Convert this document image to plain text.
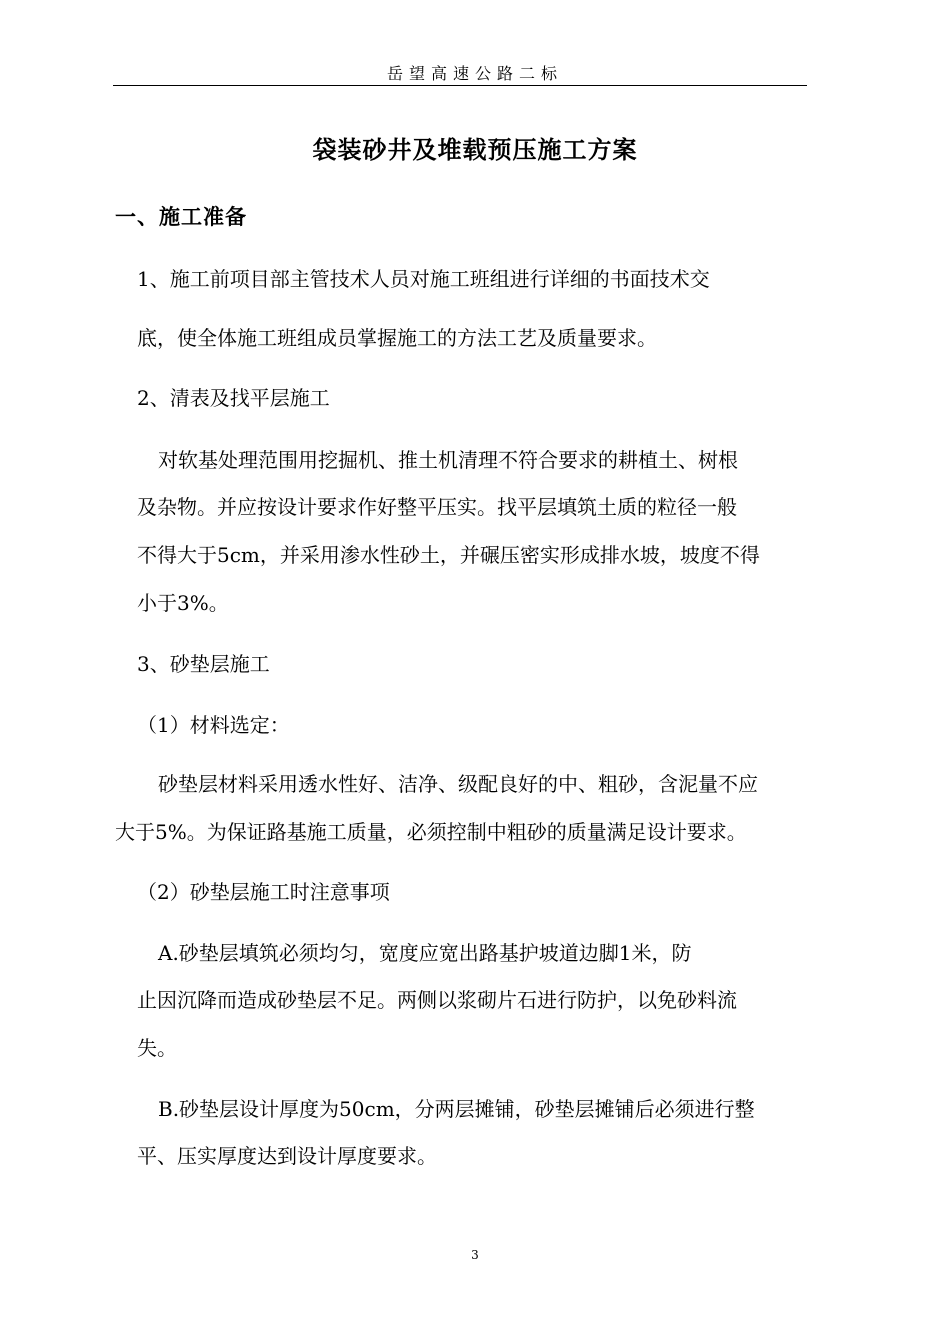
岳望高速公路二标
袋装砂井及堆载预压施工方案
一、施工准备

1、施工前项目部主管技术人员对施工班组进行详细的书面技术交

底，使全体施工班组成员掌握施工的方法工艺及质量要求。

2、清表及找平层施工

对软基处理范围用挖掘机、推土机清理不符合要求的耕植土、树根

及杂物。并应按设计要求作好整平压实。找平层填筑土质的粒径一般

不得大于5cm，并采用渗水性砂土，并碾压密实形成排水坡，坡度不得

小于3%。

3、砂垫层施工

（1）材料选定：

砂垫层材料采用透水性好、洁净、级配良好的中、粗砂，含泥量不应

大于5%。为保证路基施工质量，必须控制中粗砂的质量满足设计要求。

（2）砂垫层施工时注意事项

A.砂垫层填筑必须均匀，宽度应宽出路基护坡道边脚1米，防

止因沉降而造成砂垫层不足。两侧以浆砌片石进行防护，以免砂料流

失。

B.砂垫层设计厚度为50cm，分两层摊铺，砂垫层摊铺后必须进行整

平、压实厚度达到设计厚度要求。

3
